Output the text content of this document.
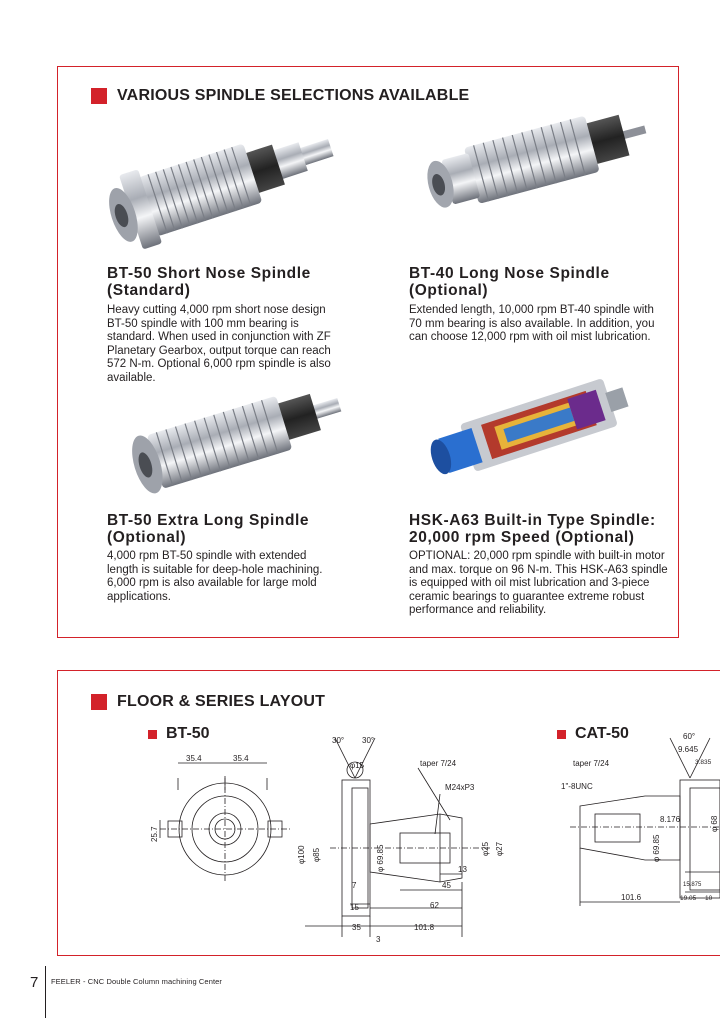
VARIOUS SPINDLE SELECTIONS AVAILABLE
BT-50 Short Nose Spindle (Standard)
Heavy cutting 4,000 rpm short nose design BT-50 spindle with 100 mm bearing is standard. When used in conjunction with ZF Planetary Gearbox, output torque can reach 572 N-m. Optional 6,000 rpm spindle is also available.
BT-40 Long Nose Spindle (Optional)
Extended length, 10,000 rpm BT-40 spindle with 70 mm bearing is also available. In addition, you can choose 12,000 rpm with oil mist lubrication.
BT-50 Extra Long Spindle (Optional)
4,000 rpm BT-50 spindle with extended length is suitable for deep-hole machining. 6,000 rpm is also available for large mold applications.
HSK-A63 Built-in Type Spindle: 20,000 rpm Speed (Optional)
OPTIONAL: 20,000 rpm spindle with built-in motor and max. torque on 96 N-m. This HSK-A63 spindle is equipped with oil mist lubrication and 3-piece ceramic bearings to guarantee extreme robust performance and reliability.
FLOOR & SERIES LAYOUT
BT-50	CAT-50
35.4	35.4
25.7
30° 30°
φ15	taper 7/24
M24xP3
φ100 φ85	φ 69.85	φ25 φ27
13
7	45
15	62
35	101.8
3
60°
9.645
3.835
taper 7/24
1"-8UNC
8.176
φ 69.85
φ 68
15.875
101.6	19.05 10
7 FEELER - CNC Double Column machining Center
